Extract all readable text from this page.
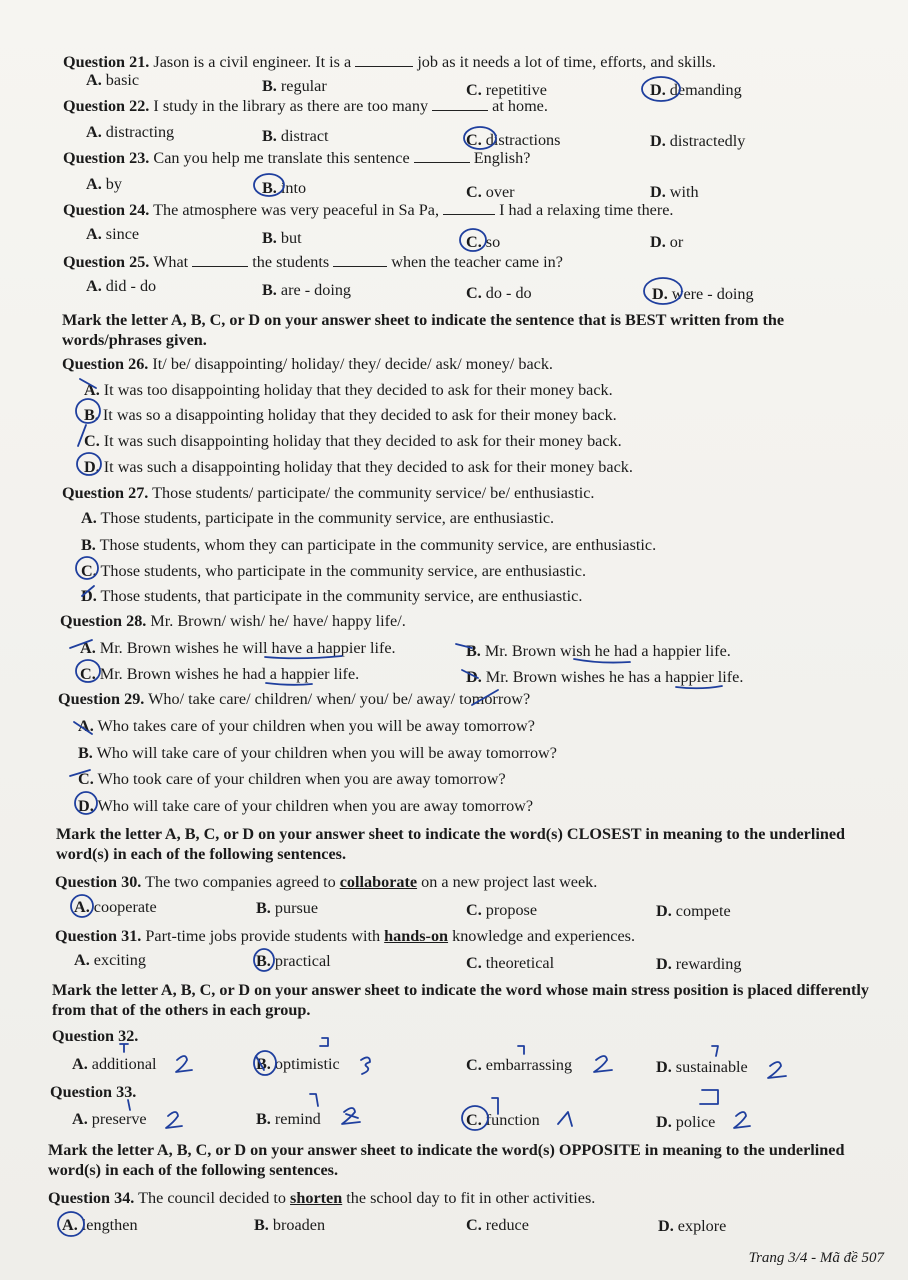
Question 21. Jason is a civil engineer. It is a	job as it needs a lot of time, efforts, and skills.
A. basic	B. regular	C. repetitive	D. demanding
Question 22. I study in the library as there are too many	at home.
A. distracting	B. distract	C. distractions	D. distractedly
Question 23. Can you help me translate this sentence	English?
A. by	B. into	C. over	D. with
Question 24. The atmosphere was very peaceful in Sa Pa,	I had a relaxing time there.
A. since	B. but	C. so	D. or
Question 25. What	the students	when the teacher came in?
A. did - do	B. are - doing	C. do - do	D. were - doing
Mark the letter A, B, C, or D on your answer sheet to indicate the sentence that is BEST written from the words/phrases given.
Question 26. It/ be/ disappointing/ holiday/ they/ decide/ ask/ money/ back.
A. It was too disappointing holiday that they decided to ask for their money back.
B. It was so a disappointing holiday that they decided to ask for their money back.
C. It was such disappointing holiday that they decided to ask for their money back.
D. It was such a disappointing holiday that they decided to ask for their money back.
Question 27. Those students/ participate/ the community service/ be/ enthusiastic.
A. Those students, participate in the community service, are enthusiastic.
B. Those students, whom they can participate in the community service, are enthusiastic.
C. Those students, who participate in the community service, are enthusiastic.
D. Those students, that participate in the community service, are enthusiastic.
Question 28. Mr. Brown/ wish/ he/ have/ happy life/.
A. Mr. Brown wishes he will have a happier life.	B. Mr. Brown wish he had a happier life.
C. Mr. Brown wishes he had a happier life.	D. Mr. Brown wishes he has a happier life.
Question 29. Who/ take care/ children/ when/ you/ be/ away/ tomorrow?
A. Who takes care of your children when you will be away tomorrow?
B. Who will take care of your children when you will be away tomorrow?
C. Who took care of your children when you are away tomorrow?
D. Who will take care of your children when you are away tomorrow?
Mark the letter A, B, C, or D on your answer sheet to indicate the word(s) CLOSEST in meaning to the underlined word(s) in each of the following sentences.
Question 30. The two companies agreed to collaborate on a new project last week.
A. cooperate	B. pursue	C. propose	D. compete
Question 31. Part-time jobs provide students with hands-on knowledge and experiences.
A. exciting	B. practical	C. theoretical	D. rewarding
Mark the letter A, B, C, or D on your answer sheet to indicate the word whose main stress position is placed differently from that of the others in each group.
Question 32.
A. additional	B. optimistic	C. embarrassing	D. sustainable
Question 33.
A. preserve	B. remind	C. function	D. police
Mark the letter A, B, C, or D on your answer sheet to indicate the word(s) OPPOSITE in meaning to the underlined word(s) in each of the following sentences.
Question 34. The council decided to shorten the school day to fit in other activities.
A. lengthen	B. broaden	C. reduce	D. explore
Trang 3/4 - Mã đề 507
